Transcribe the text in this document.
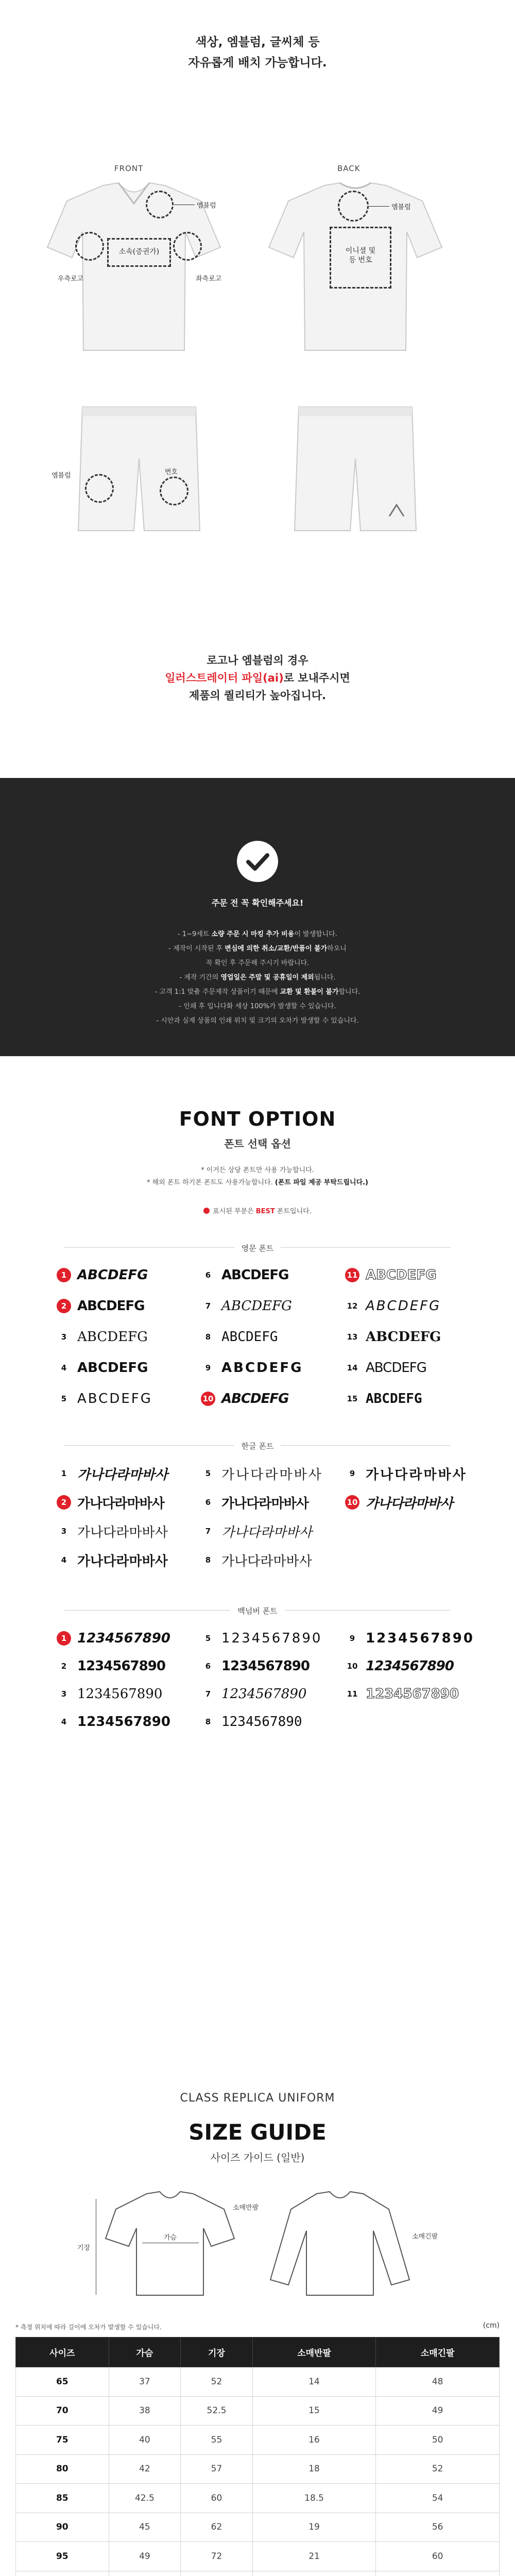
색상, 엠블럼, 글씨체 등
자유롭게 배치 가능합니다.
FRONT	BACK
엠블럼
소속(증권가)
우측로고	좌측로고
엠블럼
이니셜 및
등 번호
엠블럼	번호
로고나 엠블럼의 경우
일러스트레이터 파일(ai)로 보내주시면
제품의 퀄리티가 높아집니다.
주문 전 꼭 확인해주세요!
- 1~9세트 소량 주문 시 마킹 추가 비용이 발생합니다.
- 제작이 시작된 후 변심에 의한 취소/교환/반품이 불가하오니
꼭 확인 후 주문해 주시기 바랍니다.
- 제작 기간의 영업일은 주말 및 공휴일이 제외됩니다.
- 고객 1:1 맞춤 주문제작 상품이기 때문에 교환 및 환불이 불가합니다.
- 인쇄 후 입니다화 세상 100%가 발생할 수 있습니다.
- 시안과 실제 상품의 인쇄 위치 및 크기의 오차가 발생할 수 있습니다.
FONT OPTION
폰트 선택 옵션
* 이거든 상당 폰트만 사용 가능합니다.
* 해외 폰트 하기본 폰트도 사용가능합니다. (폰트 파일 제공 부탁드립니다.)
표시된 부분은 BEST 폰트입니다.
영문 폰트
한글 폰트
백넘버 폰트
1 ABCDEFG
2 ABCDEFG
3 ABCDEFG
4 ABCDEFG
5 ABCDEFG
6 ABCDEFG
7 ABCDEFG
8 ABCDEFG
9 ABCDEFG
10 ABCDEFG
11 ABCDEFG
12 ABCDEFG
13 ABCDEFG
14 ABCDEFG
15 ABCDEFG
1 가나다라마바사
2 가나다라마바사
3 가나다라마바사
4 가나다라마바사
5 가나다라마바사
6 가나다라마바사
7 가나다라마바사
8 가나다라마바사
9 가나다라마바사
10 가나다라마바사
1 1234567890
2 1234567890
3 1234567890
4 1234567890
5 1234567890
6 1234567890
7 1234567890
8 1234567890
9 1234567890
10 1234567890
11 1234567890
CLASS REPLICA UNIFORM
SIZE GUIDE
사이즈 가이드 (일반)
가슴
기장
소매반팔
소매긴팔
* 측정 위치에 따라 길이에 오차가 발생할 수 있습니다.	(cm)
사이즈	가슴	기장	소매반팔	소매긴팔
65	37	52	14	48
70	38	52.5	15	49
75	40	55	16	50
80	42	57	18	52
85	42.5	60	18.5	54
90	45	62	19	56
95	49	72	21	60
